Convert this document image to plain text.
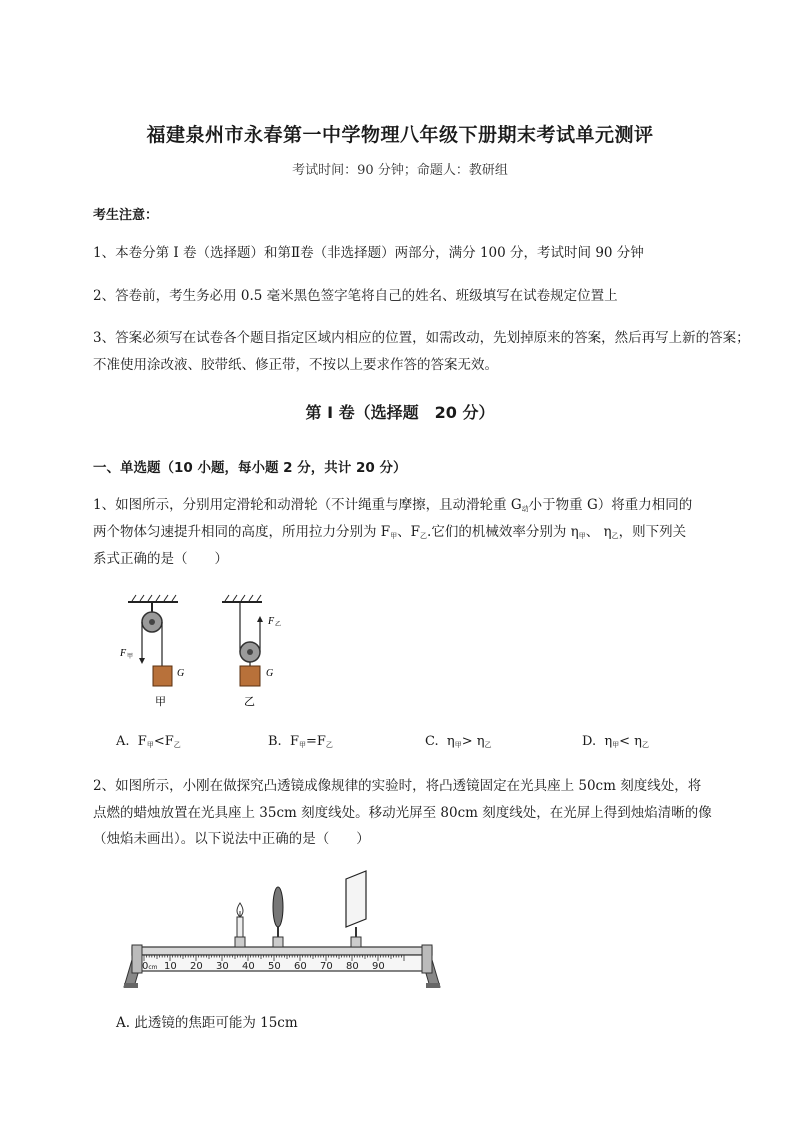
福建泉州市永春第一中学物理八年级下册期末考试单元测评
考试时间：90 分钟；命题人：教研组
考生注意：
1、本卷分第 I 卷（选择题）和第Ⅱ卷（非选择题）两部分，满分 100 分，考试时间 90 分钟
2、答卷前，考生务必用 0.5 毫米黑色签字笔将自己的姓名、班级填写在试卷规定位置上
3、答案必须写在试卷各个题目指定区域内相应的位置，如需改动，先划掉原来的答案，然后再写上新的答案；不准使用涂改液、胶带纸、修正带，不按以上要求作答的答案无效。
第 I 卷（选择题　20 分）
一、单选题（10 小题，每小题 2 分，共计 20 分）
1、如图所示，分别用定滑轮和动滑轮（不计绳重与摩擦，且动滑轮重 $G_动$小于物重 G）将重力相同的
两个物体匀速提升相同的高度，所用拉力分别为 $F_甲$、$F_乙$.它们的机械效率分别为 $\eta_甲$、 $\eta_乙$，则下列关
系式正确的是（　　）
F 甲
G
甲
F 乙
G
乙
A. $F_甲<F_乙$	B. $F_甲=F_乙$	C. $\eta_甲> \eta_乙$	D. $\eta_甲< \eta_乙$
2、如图所示，小刚在做探究凸透镜成像规律的实验时，将凸透镜固定在光具座上 50cm 刻度线处，将
点燃的蜡烛放置在光具座上 35cm 刻度线处。移动光屏至 80cm 刻度线处，在光屏上得到烛焰清晰的像
（烛焰未画出）。以下说法中正确的是（　　）
0cm 10 20 30 40 50 60 70 80 90
A. 此透镜的焦距可能为 15cm
